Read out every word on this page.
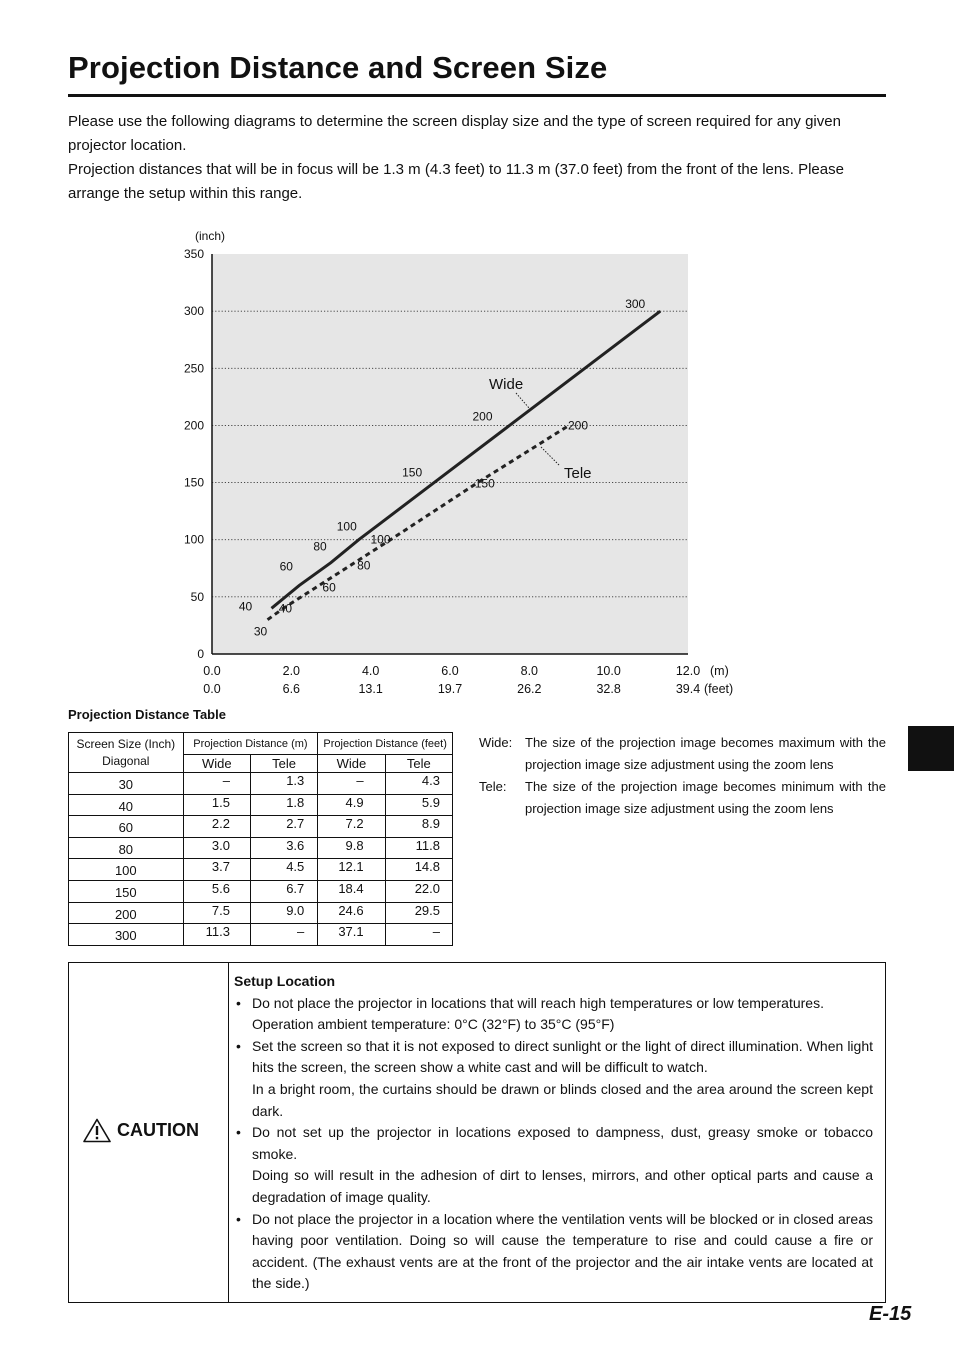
Projection Distance and Screen Size

Please use the following diagrams to determine the screen display size and the type of screen required for any given projector location.

Projection distances that will be in focus will be 1.3 m (4.3 feet) to 11.3 m (37.0 feet) from the front of the lens. Please arrange the setup within this range.

0
50
100
150
200
250
300
350
(inch)
0.0
0.0
2.0
6.6
4.0
13.1
6.0
19.7
8.0
26.2
10.0
32.8
12.0
39.4
(m)
(feet)
40
60
80
100
150
200
300
30
40
60
80
100
150
200
Wide
Tele
Projection Distance Table
Screen Size (Inch)
Diagonal	Projection Distance (m)		Projection Distance (feet)	
	Wide	Tele	Wide	Tele
30	–	1.3	–	4.3
40	1.5	1.8	4.9	5.9
60	2.2	2.7	7.2	8.9
80	3.0	3.6	9.8	11.8
100	3.7	4.5	12.1	14.8
150	5.6	6.7	18.4	22.0
200	7.5	9.0	24.6	29.5
300	11.3	–	37.1	–
Wide: The size of the projection image becomes maximum with the projection image size adjustment using the zoom lens
Tele:	The size of the projection image becomes minimum with the projection image size adjustment using the zoom lens
CAUTION
Setup Location
• Do not place the projector in locations that will reach high temperatures or low temperatures.
Operation ambient temperature: 0°C (32°F) to 35°C (95°F)
• Set the screen so that it is not exposed to direct sunlight or the light of direct illumination. When light hits the screen, the screen show a white cast and will be difficult to watch.
In a bright room, the curtains should be drawn or blinds closed and the area around the screen kept dark.
• Do not set up the projector in locations exposed to dampness, dust, greasy smoke or tobacco smoke.
Doing so will result in the adhesion of dirt to lenses, mirrors, and other optical parts and cause a degradation of image quality.
• Do not place the projector in a location where the ventilation vents will be blocked or in closed areas having poor ventilation. Doing so will cause the temperature to rise and could cause a fire or accident. (The exhaust vents are at the front of the projector and the air intake vents are located at the side.)
E-15
